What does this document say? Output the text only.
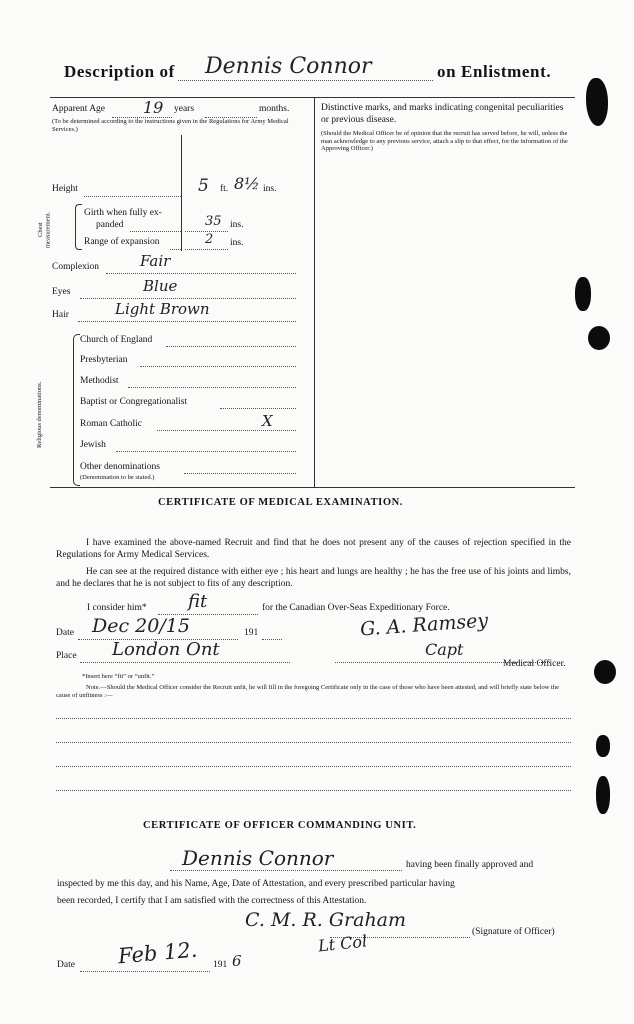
Description of Dennis Connor	on Enlistment.
Apparent Age 19 years	months.
(To be determined according to the instructions given in the Regulations for Army Medical Services.)
Height	5 ft. 8½ ins.
Chest measurement.	Girth when fully ex-
panded	35 ins.
Range of expansion	2 ins.
Complexion	Fair
Eyes	Blue
Hair	Light Brown
Religious denominations.
Church of England
Presbyterian
Methodist
Baptist or Congregationalist
Roman Catholic	X
Jewish
Other denominations
(Denomination to be stated.)
Distinctive marks, and marks indicating congenital peculiarities or previous disease.
(Should the Medical Officer be of opinion that the recruit has served before, he will, unless the man acknowledge to any previous service, attach a slip to that effect, for the information of the Approving Officer.)
CERTIFICATE OF MEDICAL EXAMINATION.
I have examined the above-named Recruit and find that he does not present any of the causes of rejection specified in the Regulations for Army Medical Services.
He can see at the required distance with either eye ; his heart and lungs are healthy ; he has the free use of his joints and limbs, and he declares that he is not subject to fits of any description.
I consider him* fit	for the Canadian Over-Seas Expeditionary Force.
Date Dec 20/15	191
Place London Ont
G. A. Ramsey
Capt
Medical Officer.
*Insert here “fit” or “unfit.”
Note.—Should the Medical Officer consider the Recruit unfit, he will fill in the foregoing Certificate only in the case of those who have been attested, and will briefly state below the cause of unfitness :—
CERTIFICATE OF OFFICER COMMANDING UNIT.
Dennis Connor	having been finally approved and
inspected by me this day, and his Name, Age, Date of Attestation, and every prescribed particular having
been recorded, I certify that I am satisfied with the correctness of this Attestation.
C. M. R. Graham
(Signature of Officer)
Lt Col
Date Feb 12. 191 6
